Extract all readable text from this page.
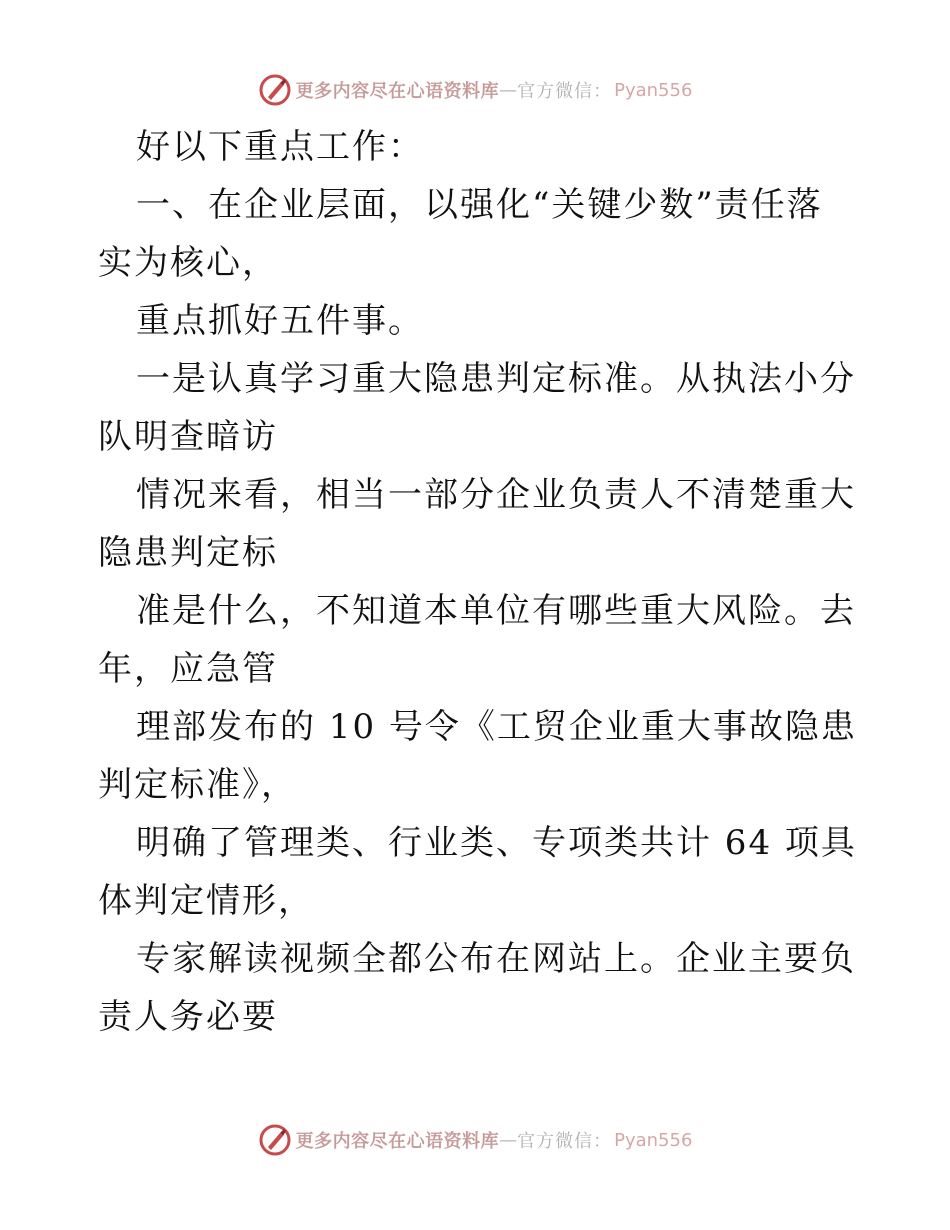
更多内容尽在心语资料库 — 官方微信： Pyan556

好以下重点工作：

一、在企业层面，以强化“关键少数”责任落实为核心，

重点抓好五件事。

一是认真学习重大隐患判定标准。从执法小分队明查暗访

情况来看，相当一部分企业负责人不清楚重大隐患判定标

准是什么，不知道本单位有哪些重大风险。去年，应急管

理部发布的 10 号令《工贸企业重大事故隐患判定标准》，

明确了管理类、行业类、专项类共计 64 项具体判定情形，

专家解读视频全都公布在网站上。企业主要负责人务必要

更多内容尽在心语资料库 — 官方微信： Pyan556
